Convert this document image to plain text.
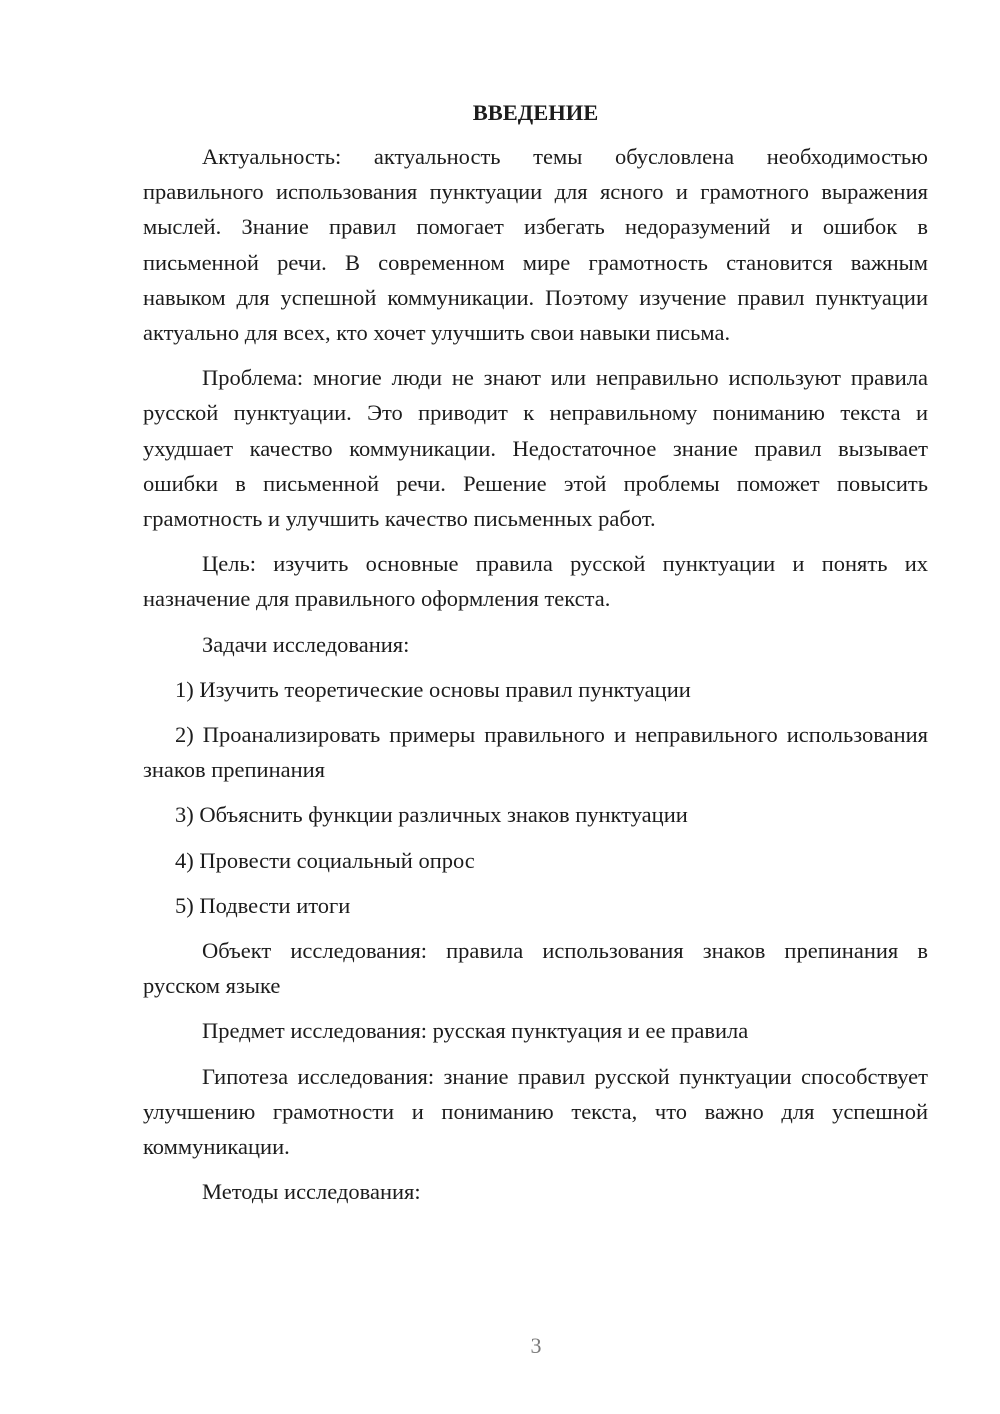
ВВЕДЕНИЕ
Актуальность: актуальность темы обусловлена необходимостью правильного использования пунктуации для ясного и грамотного выражения мыслей. Знание правил помогает избегать недоразумений и ошибок в письменной речи. В современном мире грамотность становится важным навыком для успешной коммуникации. Поэтому изучение правил пунктуации актуально для всех, кто хочет улучшить свои навыки письма.
Проблема: многие люди не знают или неправильно используют правила русской пунктуации. Это приводит к неправильному пониманию текста и ухудшает качество коммуникации. Недостаточное знание правил вызывает ошибки в письменной речи. Решение этой проблемы поможет повысить грамотность и улучшить качество письменных работ.
Цель: изучить основные правила русской пунктуации и понять их назначение для правильного оформления текста.
Задачи исследования:
1) Изучить теоретические основы правил пунктуации
2) Проанализировать примеры правильного и неправильного использования знаков препинания
3) Объяснить функции различных знаков пунктуации
4) Провести социальный опрос
5) Подвести итоги
Объект исследования: правила использования знаков препинания в русском языке
Предмет исследования: русская пунктуация и ее правила
Гипотеза исследования: знание правил русской пунктуации способствует улучшению грамотности и пониманию текста, что важно для успешной коммуникации.
Методы исследования:
3
